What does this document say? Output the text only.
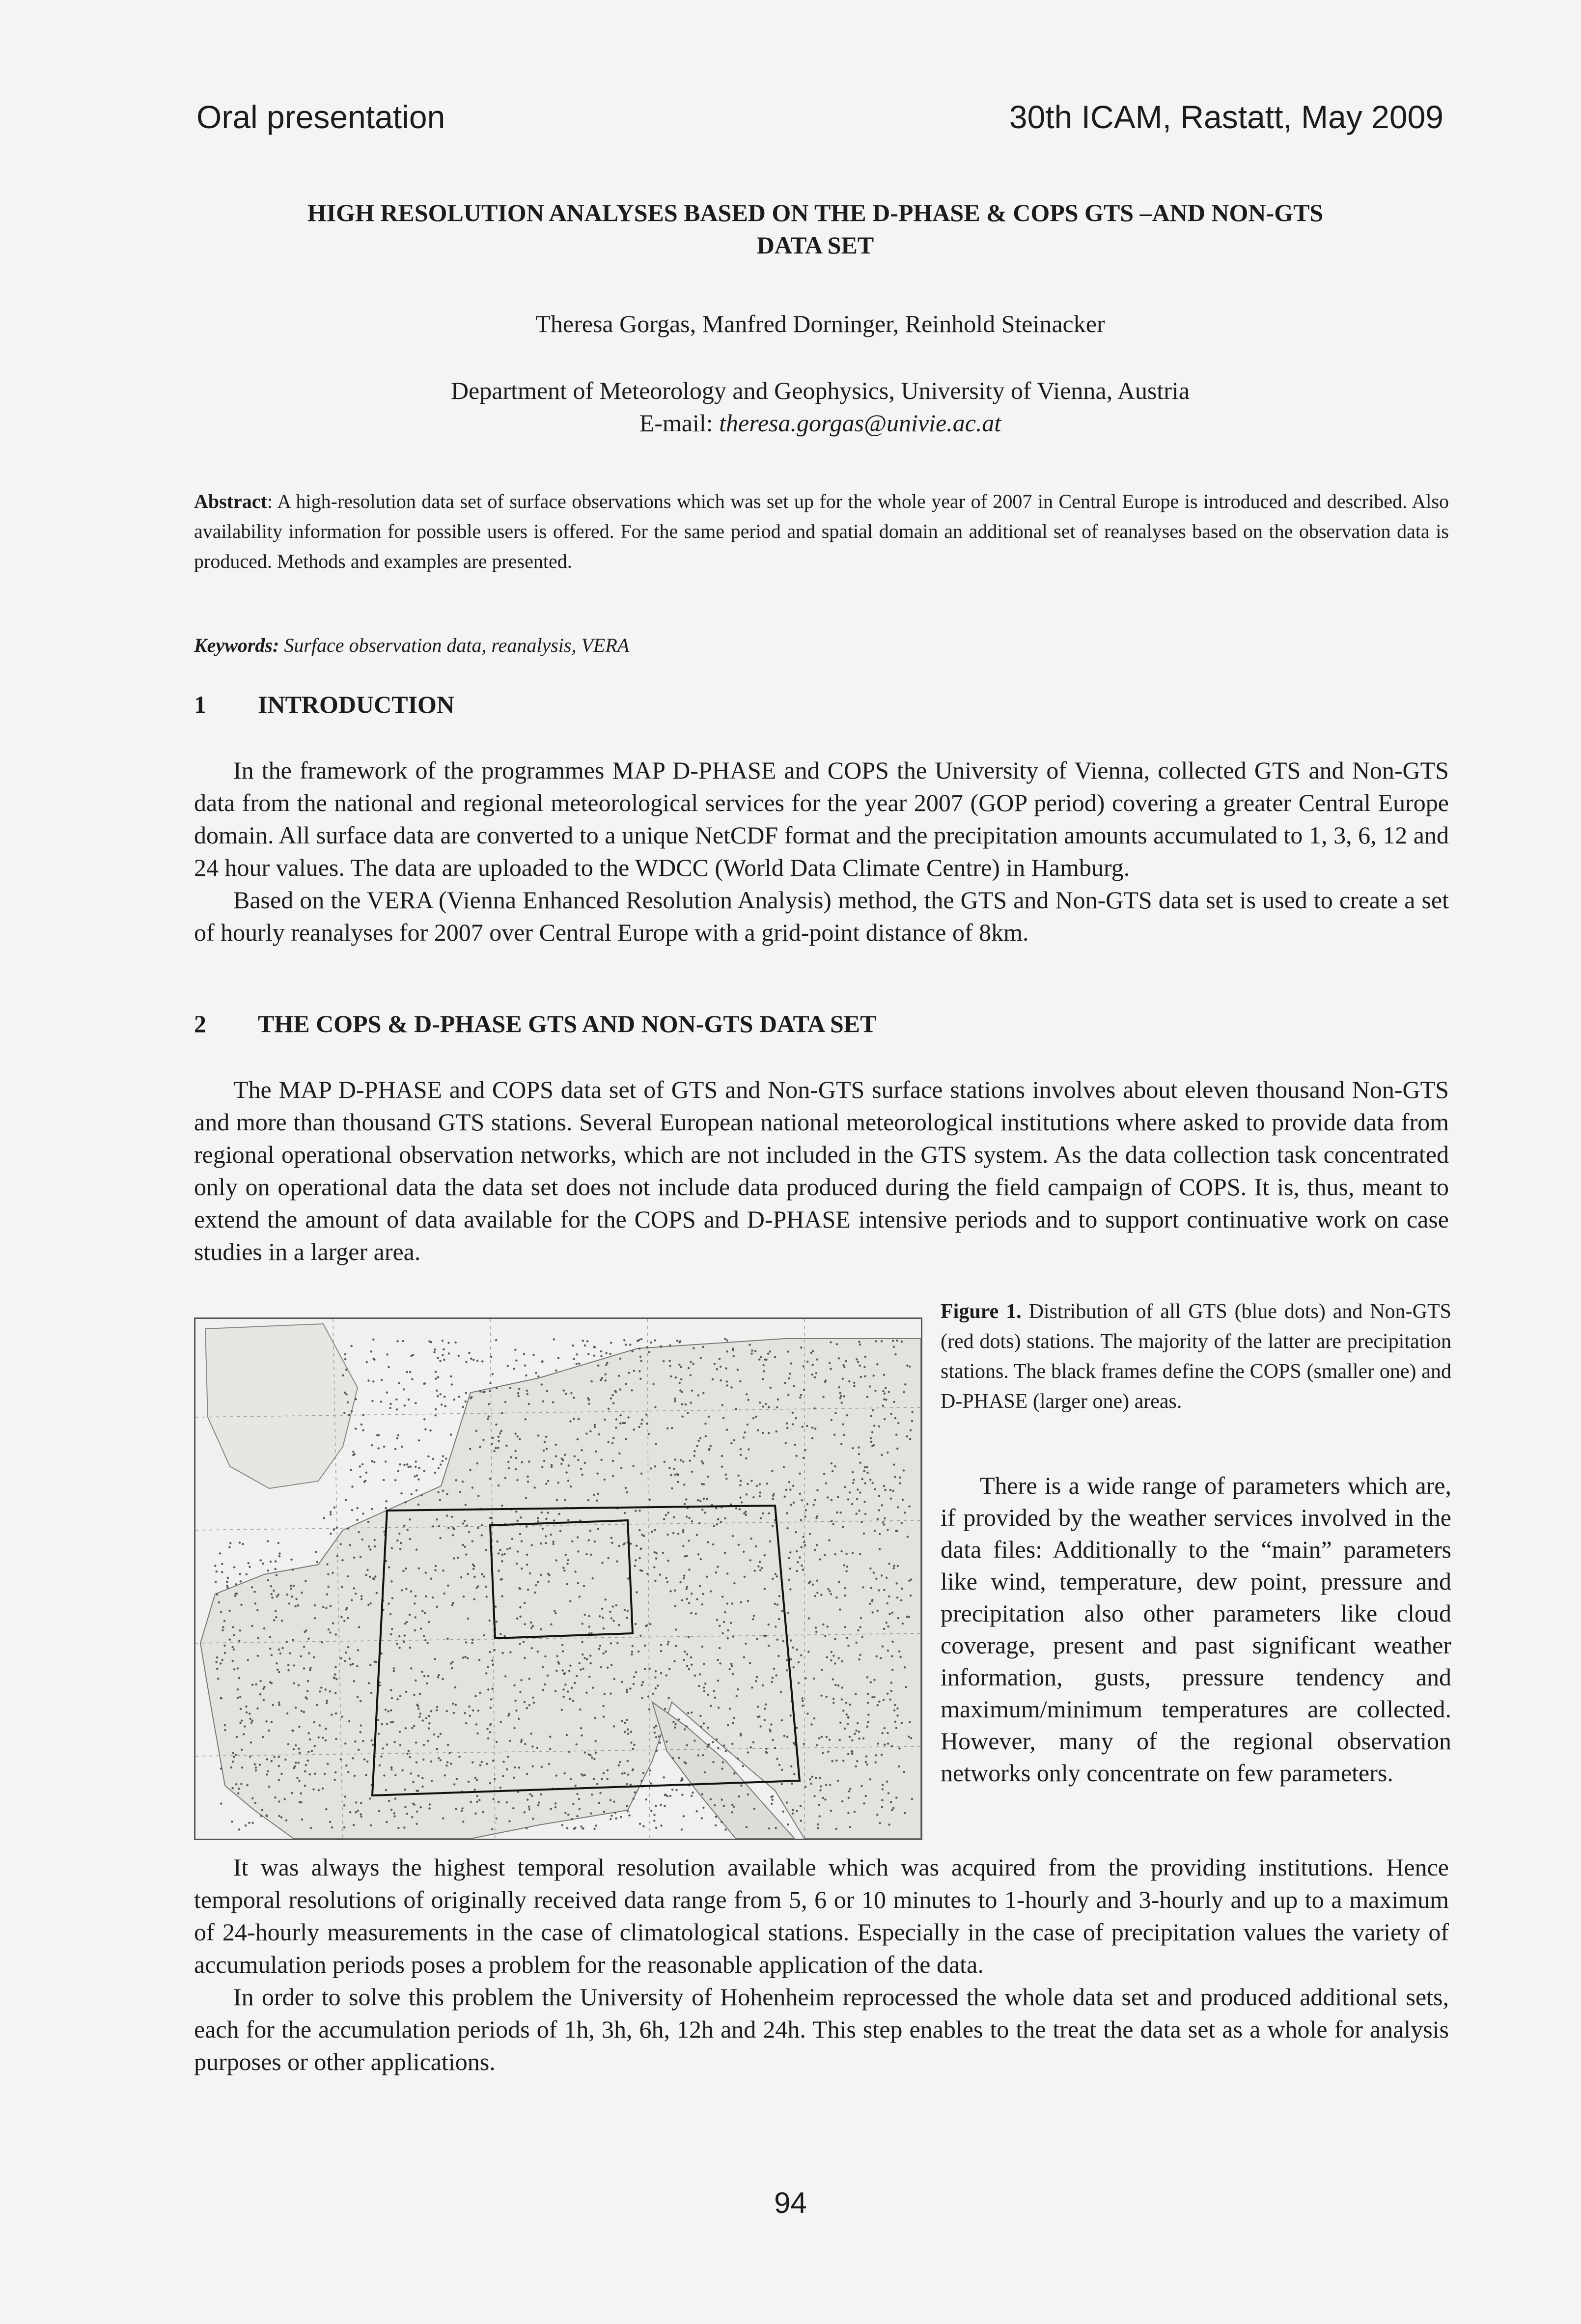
Oral presentation	30th ICAM, Rastatt, May 2009
HIGH RESOLUTION ANALYSES BASED ON THE D-PHASE & COPS GTS –AND NON-GTS
DATA SET
Theresa Gorgas, Manfred Dorninger, Reinhold Steinacker
Department of Meteorology and Geophysics, University of Vienna, Austria
E-mail: theresa.gorgas@univie.ac.at
Abstract: A high-resolution data set of surface observations which was set up for the whole year of 2007 in Central Europe is introduced and described. Also availability information for possible users is offered. For the same period and spatial domain an additional set of reanalyses based on the observation data is produced. Methods and examples are presented.
Keywords: Surface observation data, reanalysis, VERA
1 INTRODUCTION

In the framework of the programmes MAP D-PHASE and COPS the University of Vienna, collected GTS and Non-GTS data from the national and regional meteorological services for the year 2007 (GOP period) covering a greater Central Europe domain. All surface data are converted to a unique NetCDF format and the precipitation amounts accumulated to 1, 3, 6, 12 and 24 hour values. The data are uploaded to the WDCC (World Data Climate Centre) in Hamburg.

Based on the VERA (Vienna Enhanced Resolution Analysis) method, the GTS and Non-GTS data set is used to create a set of hourly reanalyses for 2007 over Central Europe with a grid-point distance of 8km.

2 THE COPS & D-PHASE GTS AND NON-GTS DATA SET

The MAP D-PHASE and COPS data set of GTS and Non-GTS surface stations involves about eleven thousand Non-GTS and more than thousand GTS stations. Several European national meteorological institutions where asked to provide data from regional operational observation networks, which are not included in the GTS system. As the data collection task concentrated only on operational data the data set does not include data produced during the field campaign of COPS. It is, thus, meant to extend the amount of data available for the COPS and D-PHASE intensive periods and to support continuative work on case studies in a larger area.

Figure 1. Distribution of all GTS (blue dots) and Non-GTS (red dots) stations. The majority of the latter are precipitation stations. The black frames define the COPS (smaller one) and D-PHASE (larger one) areas.

There is a wide range of parameters which are, if provided by the weather services involved in the data files: Additionally to the “main” parameters like wind, temperature, dew point, pressure and precipitation also other parameters like cloud coverage, present and past significant weather information, gusts, pressure tendency and maximum/minimum temperatures are collected. However, many of the regional observation networks only concentrate on few parameters.

It was always the highest temporal resolution available which was acquired from the providing institutions. Hence temporal resolutions of originally received data range from 5, 6 or 10 minutes to 1-hourly and 3-hourly and up to a maximum of 24-hourly measurements in the case of climatological stations. Especially in the case of precipitation values the variety of accumulation periods poses a problem for the reasonable application of the data.

In order to solve this problem the University of Hohenheim reprocessed the whole data set and produced additional sets, each for the accumulation periods of 1h, 3h, 6h, 12h and 24h. This step enables to the treat the data set as a whole for analysis purposes or other applications.

94
